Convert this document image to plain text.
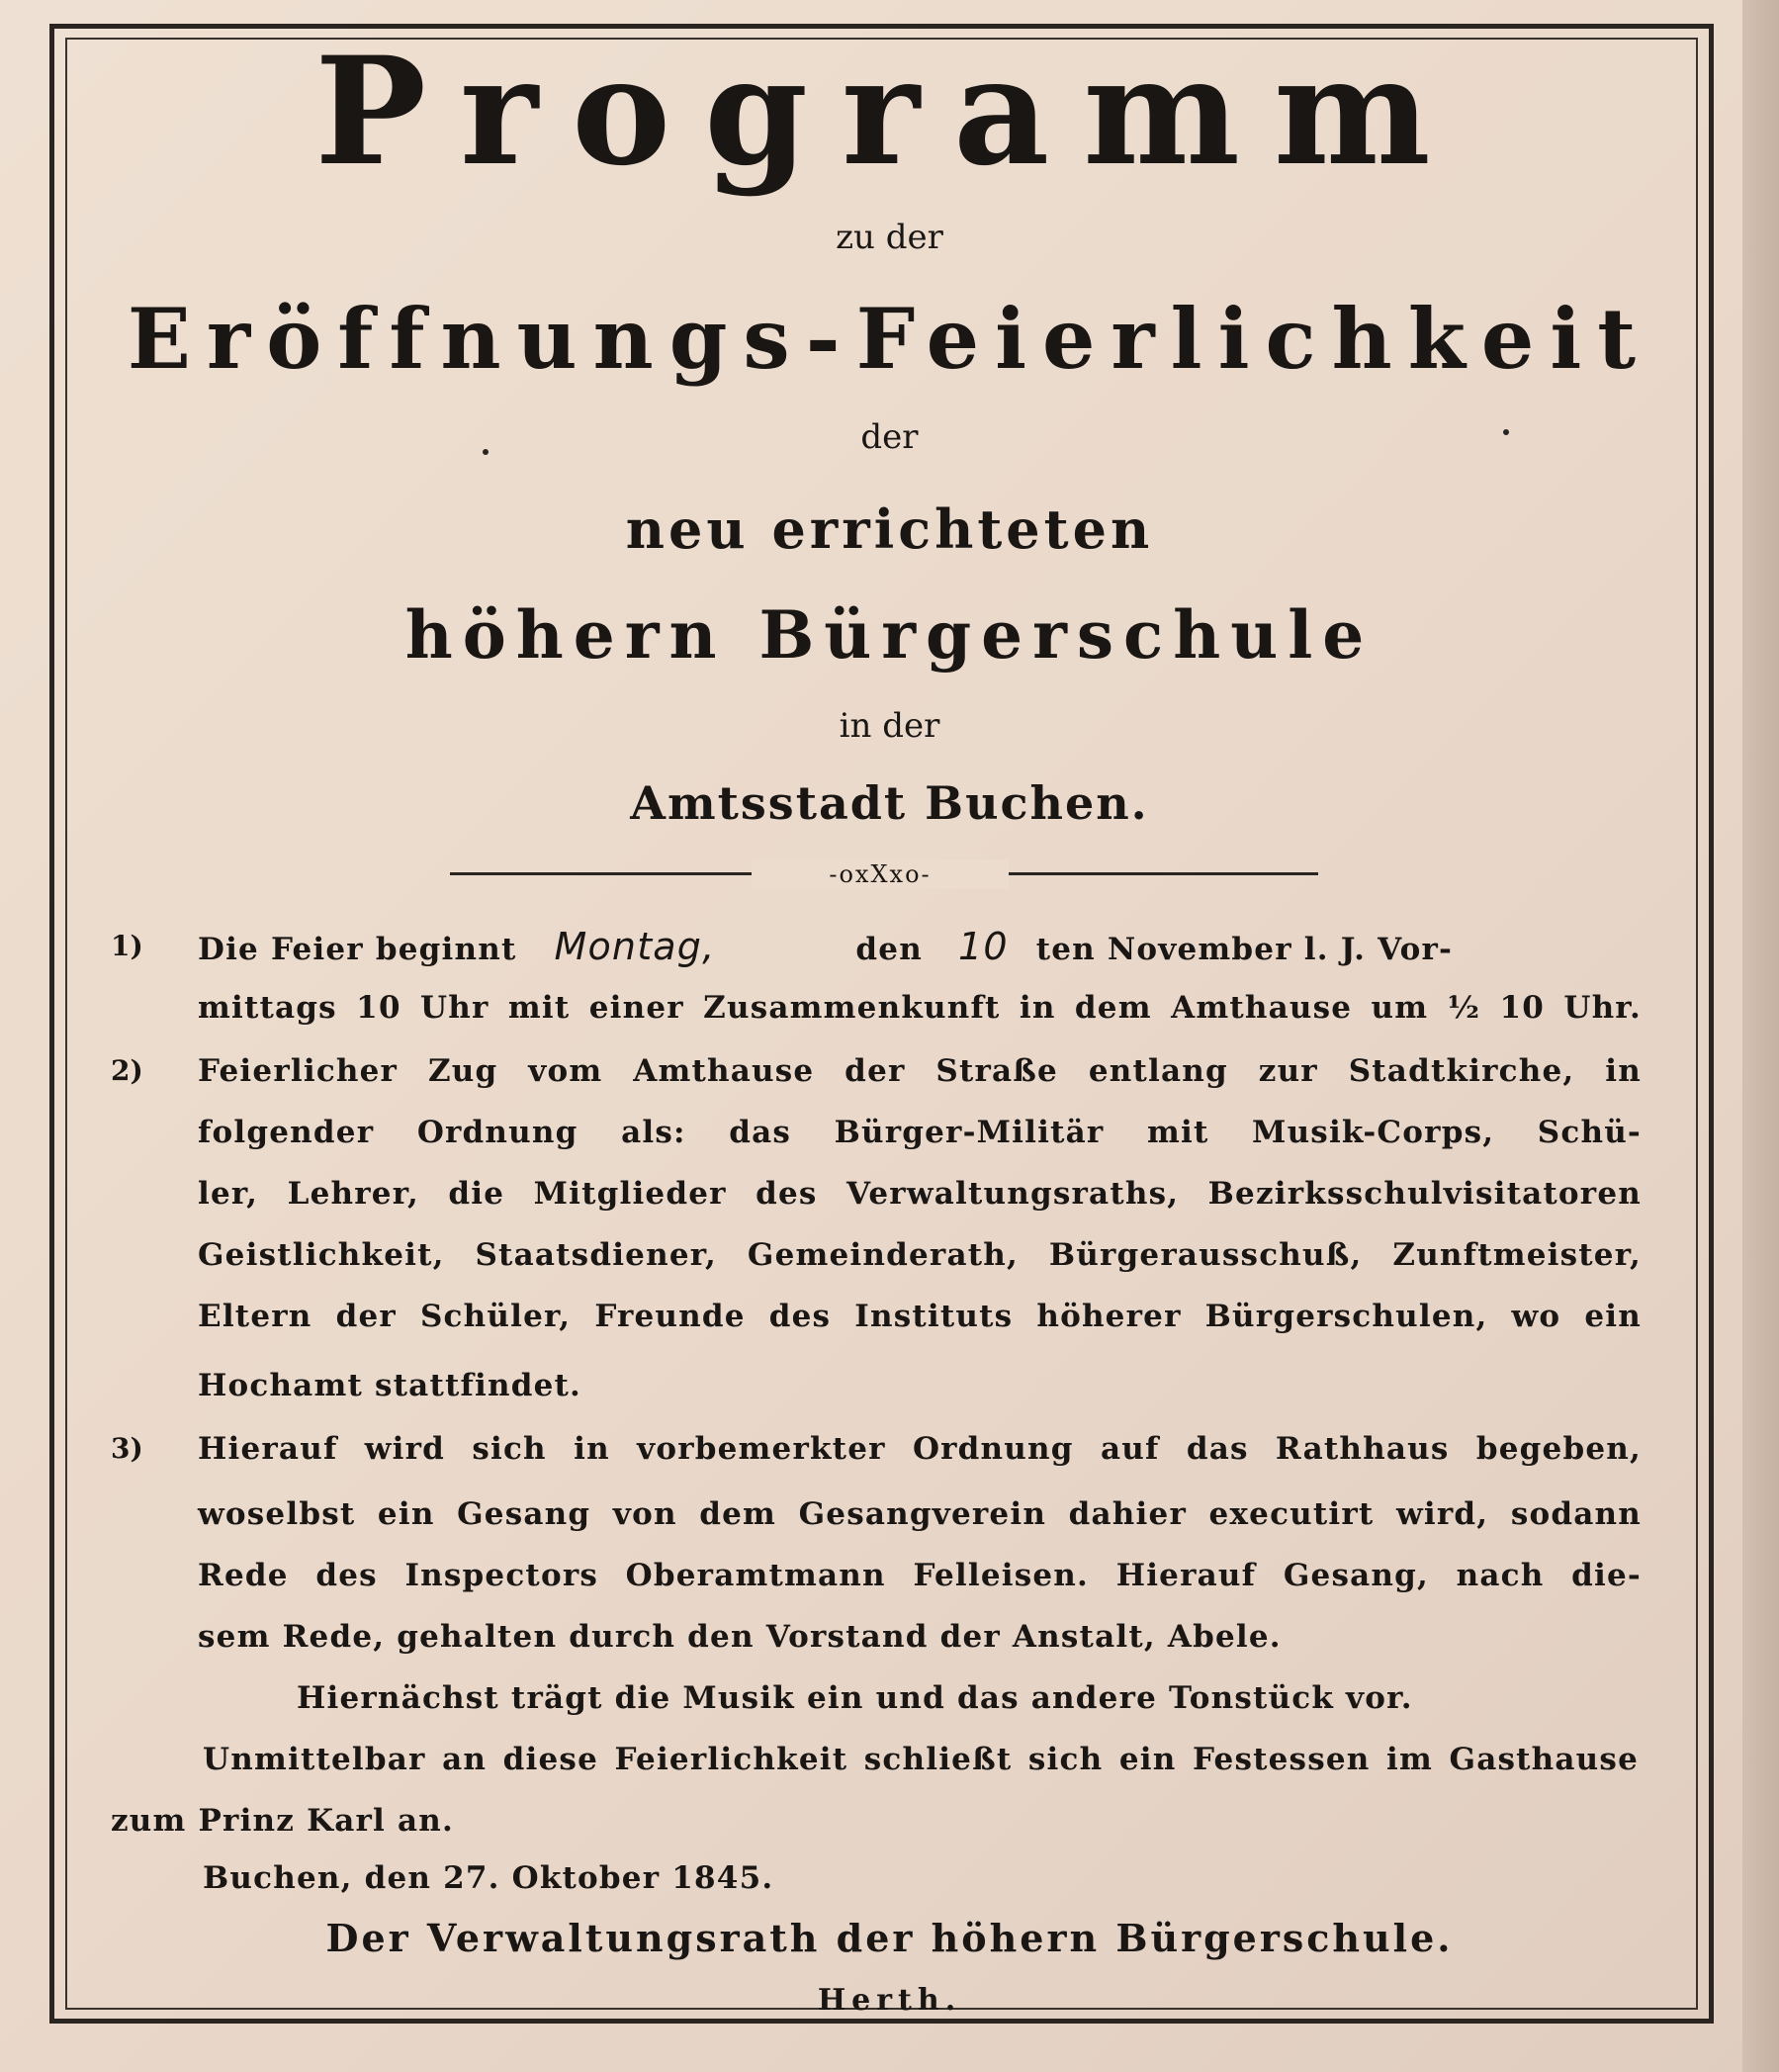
Programm
zu der
Eröffnungs-Feierlichkeit
der
neu errichteten
höhern Bürgerschule
in der
Amtsstadt Buchen.
-oxXxo-
1) Die Feier beginnt Montag,	den 10 ten November l. J. Vor-
mittags 10 Uhr mit einer Zusammenkunft in dem Amthause um ½ 10 Uhr.
2) Feierlicher Zug vom Amthause der Straße entlang zur Stadtkirche, in
folgender Ordnung als: das Bürger-Militär mit Musik-Corps, Schü-
ler, Lehrer, die Mitglieder des Verwaltungsraths, Bezirksschulvisitatoren
Geistlichkeit, Staatsdiener, Gemeinderath, Bürgerausschuß, Zunftmeister,
Eltern der Schüler, Freunde des Instituts höherer Bürgerschulen, wo ein
Hochamt stattfindet.
3) Hierauf wird sich in vorbemerkter Ordnung auf das Rathhaus begeben,
woselbst ein Gesang von dem Gesangverein dahier executirt wird, sodann
Rede des Inspectors Oberamtmann Felleisen. Hierauf Gesang, nach die-
sem Rede, gehalten durch den Vorstand der Anstalt, Abele.
Hiernächst trägt die Musik ein und das andere Tonstück vor.
Unmittelbar an diese Feierlichkeit schließt sich ein Festessen im Gasthause
zum Prinz Karl an.
Buchen, den 27. Oktober 1845.
Der Verwaltungsrath der höhern Bürgerschule.
Herth.
